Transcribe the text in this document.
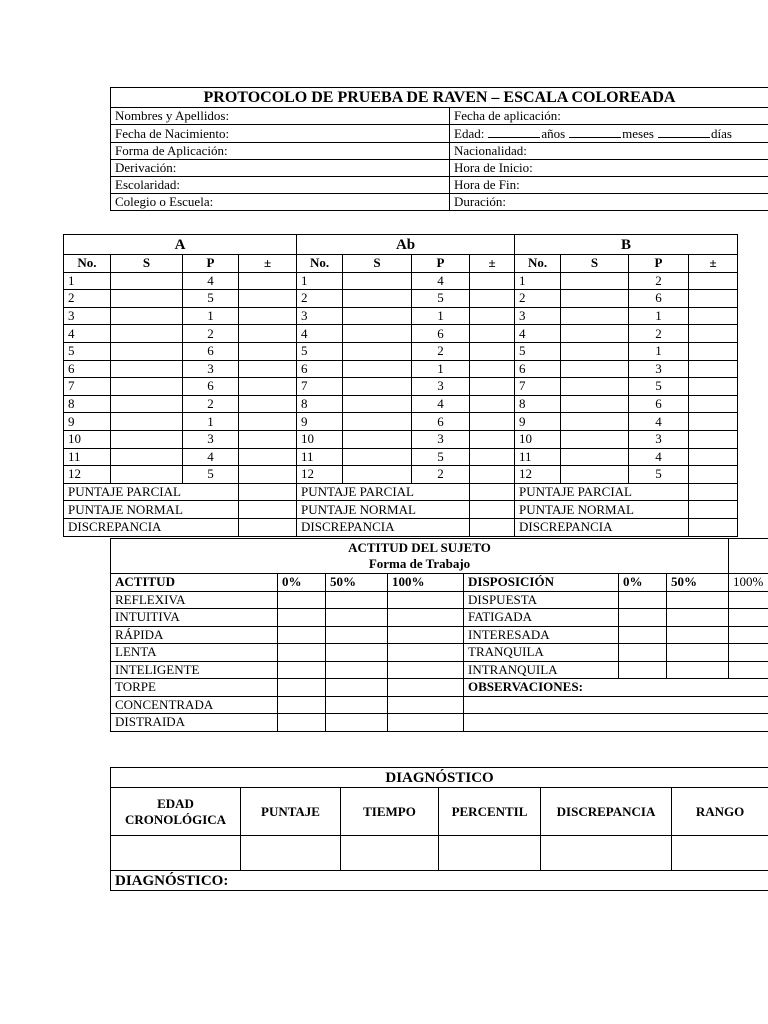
PROTOCOLO DE PRUEBA DE RAVEN – ESCALA COLOREADA	
Nombres y Apellidos:	Fecha de aplicación:
Fecha de Nacimiento:	Edad: años meses días
Forma de Aplicación:	Nacionalidad:
Derivación:	Hora de Inicio:
Escolaridad:	Hora de Fin:
Colegio o Escuela:	Duración:
A				Ab				B			
No.	S	P	±	No.	S	P	±	No.	S	P	±
1		4		1		4		1		2	
2		5		2		5		2		6	
3		1		3		1		3		1	
4		2		4		6		4		2	
5		6		5		2		5		1	
6		3		6		1		6		3	
7		6		7		3		7		5	
8		2		8		4		8		6	
9		1		9		6		9		4	
10		3		10		3		10		3	
11		4		11		5		11		4	
12		5		12		2		12		5	
PUNTAJE PARCIAL				PUNTAJE PARCIAL				PUNTAJE PARCIAL			
PUNTAJE NORMAL				PUNTAJE NORMAL				PUNTAJE NORMAL			
DISCREPANCIA				DISCREPANCIA				DISCREPANCIA			
ACTITUD DEL SUJETO
Forma de Trabajo							

ACTITUD	0%	50%	100%	DISPOSICIÓN	0%	50%	100%
REFLEXIVA				DISPUESTA			
INTUITIVA				FATIGADA			
RÁPIDA				INTERESADA			
LENTA				TRANQUILA			
INTELIGENTE				INTRANQUILA			
TORPE				OBSERVACIONES:			
CONCENTRADA							
DISTRAIDA							
DIAGNÓSTICO					
EDAD CRONOLÓGICA	PUNTAJE	TIEMPO	PERCENTIL	DISCREPANCIA	RANGO

DIAGNÓSTICO:					
